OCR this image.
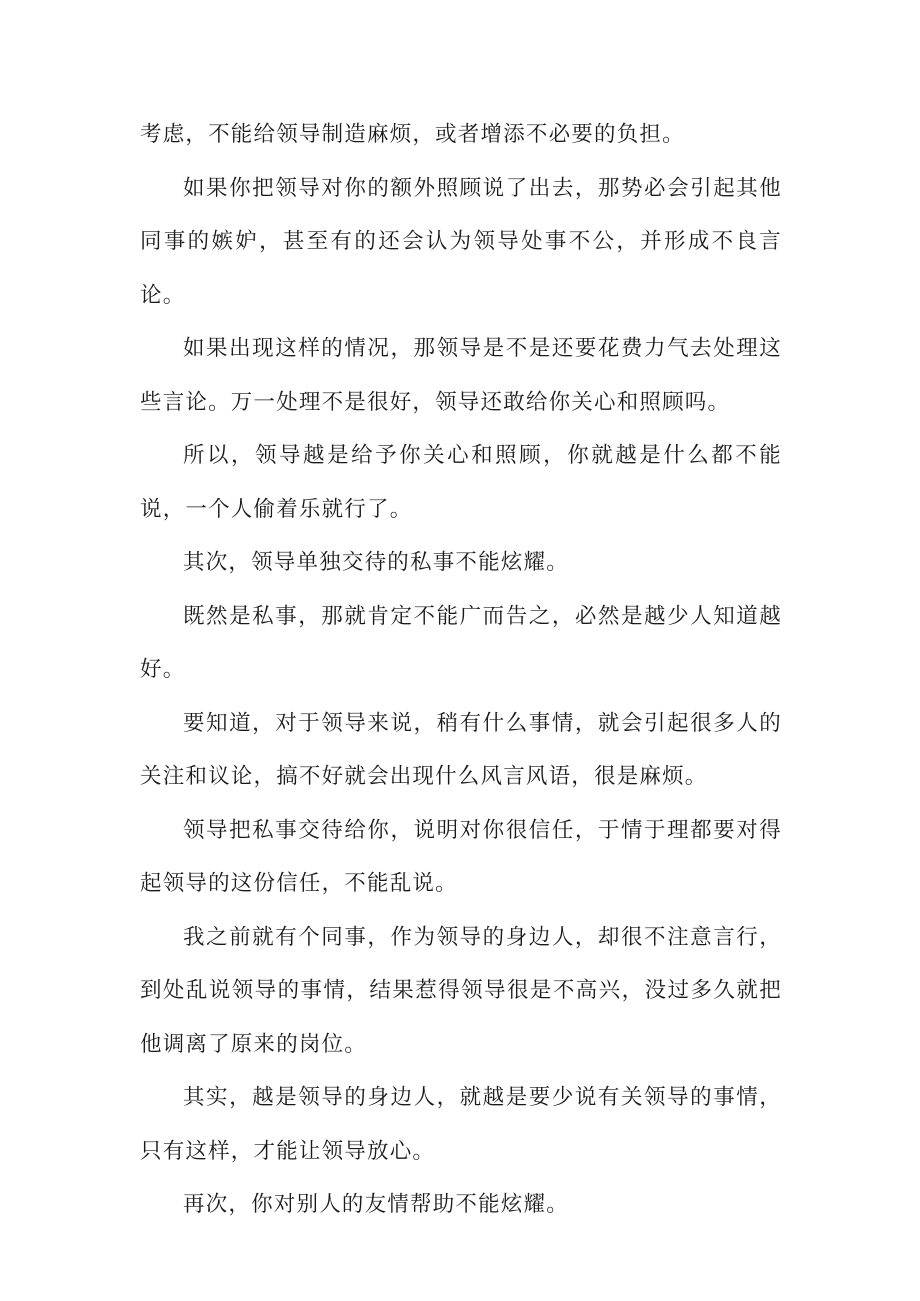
考虑，不能给领导制造麻烦，或者增添不必要的负担。

如果你把领导对你的额外照顾说了出去，那势必会引起其他同事的嫉妒，甚至有的还会认为领导处事不公，并形成不良言论。

如果出现这样的情况，那领导是不是还要花费力气去处理这些言论。万一处理不是很好，领导还敢给你关心和照顾吗。

所以，领导越是给予你关心和照顾，你就越是什么都不能说，一个人偷着乐就行了。

其次，领导单独交待的私事不能炫耀。

既然是私事，那就肯定不能广而告之，必然是越少人知道越好。

要知道，对于领导来说，稍有什么事情，就会引起很多人的关注和议论，搞不好就会出现什么风言风语，很是麻烦。

领导把私事交待给你，说明对你很信任，于情于理都要对得起领导的这份信任，不能乱说。

我之前就有个同事，作为领导的身边人，却很不注意言行，到处乱说领导的事情，结果惹得领导很是不高兴，没过多久就把他调离了原来的岗位。

其实，越是领导的身边人，就越是要少说有关领导的事情，只有这样，才能让领导放心。

再次，你对别人的友情帮助不能炫耀。
